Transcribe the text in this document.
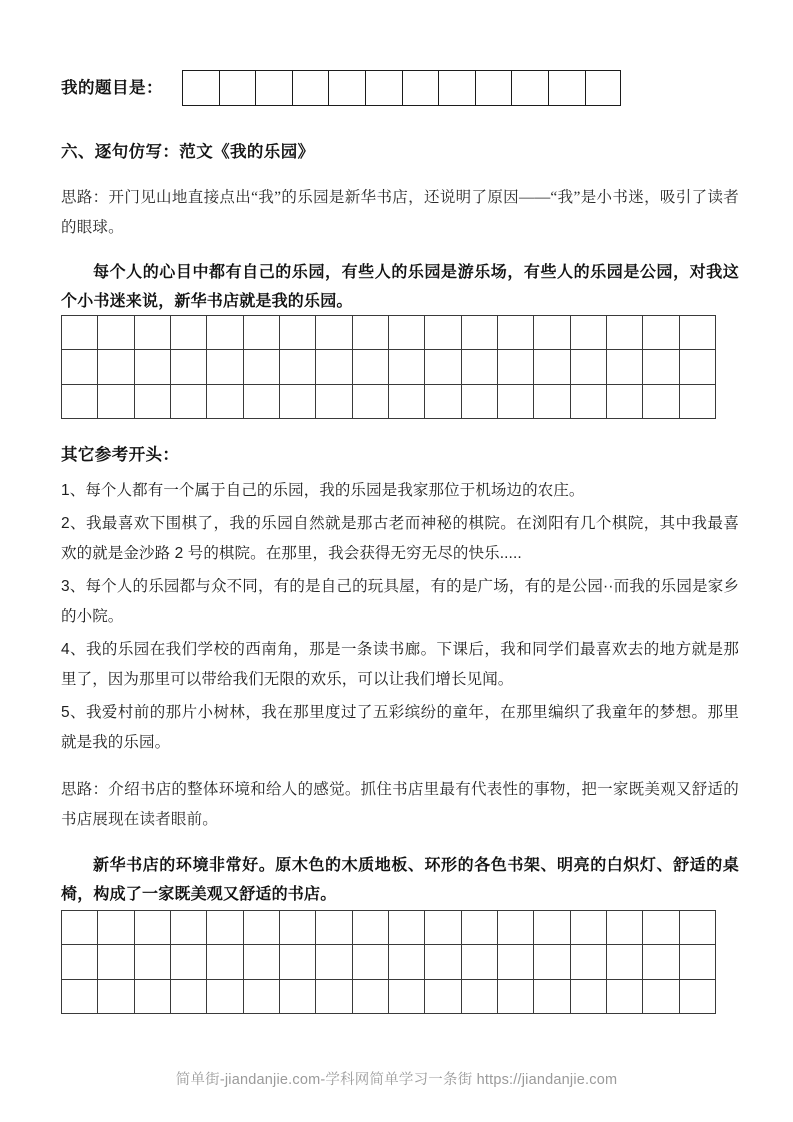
我的题目是：
六、逐句仿写：范文《我的乐园》
思路：开门见山地直接点出“我”的乐园是新华书店，还说明了原因——“我”是小书迷，吸引了读者的眼球。
每个人的心目中都有自己的乐园，有些人的乐园是游乐场，有些人的乐园是公园，对我这个小书迷来说，新华书店就是我的乐园。
其它参考开头：
1、每个人都有一个属于自己的乐园，我的乐园是我家那位于机场边的农庄。
2、我最喜欢下围棋了，我的乐园自然就是那古老而神秘的棋院。在浏阳有几个棋院，其中我最喜欢的就是金沙路 2 号的棋院。在那里，我会获得无穷无尽的快乐.....
3、每个人的乐园都与众不同，有的是自己的玩具屋，有的是广场，有的是公园··而我的乐园是家乡的小院。
4、我的乐园在我们学校的西南角，那是一条读书廊。下课后，我和同学们最喜欢去的地方就是那里了，因为那里可以带给我们无限的欢乐，可以让我们增长见闻。
5、我爱村前的那片小树林，我在那里度过了五彩缤纷的童年，在那里编织了我童年的梦想。那里就是我的乐园。
思路：介绍书店的整体环境和给人的感觉。抓住书店里最有代表性的事物，把一家既美观又舒适的书店展现在读者眼前。
新华书店的环境非常好。原木色的木质地板、环形的各色书架、明亮的白炽灯、舒适的桌椅，构成了一家既美观又舒适的书店。
简单街-jiandanjie.com-学科网简单学习一条街 https://jiandanjie.com
